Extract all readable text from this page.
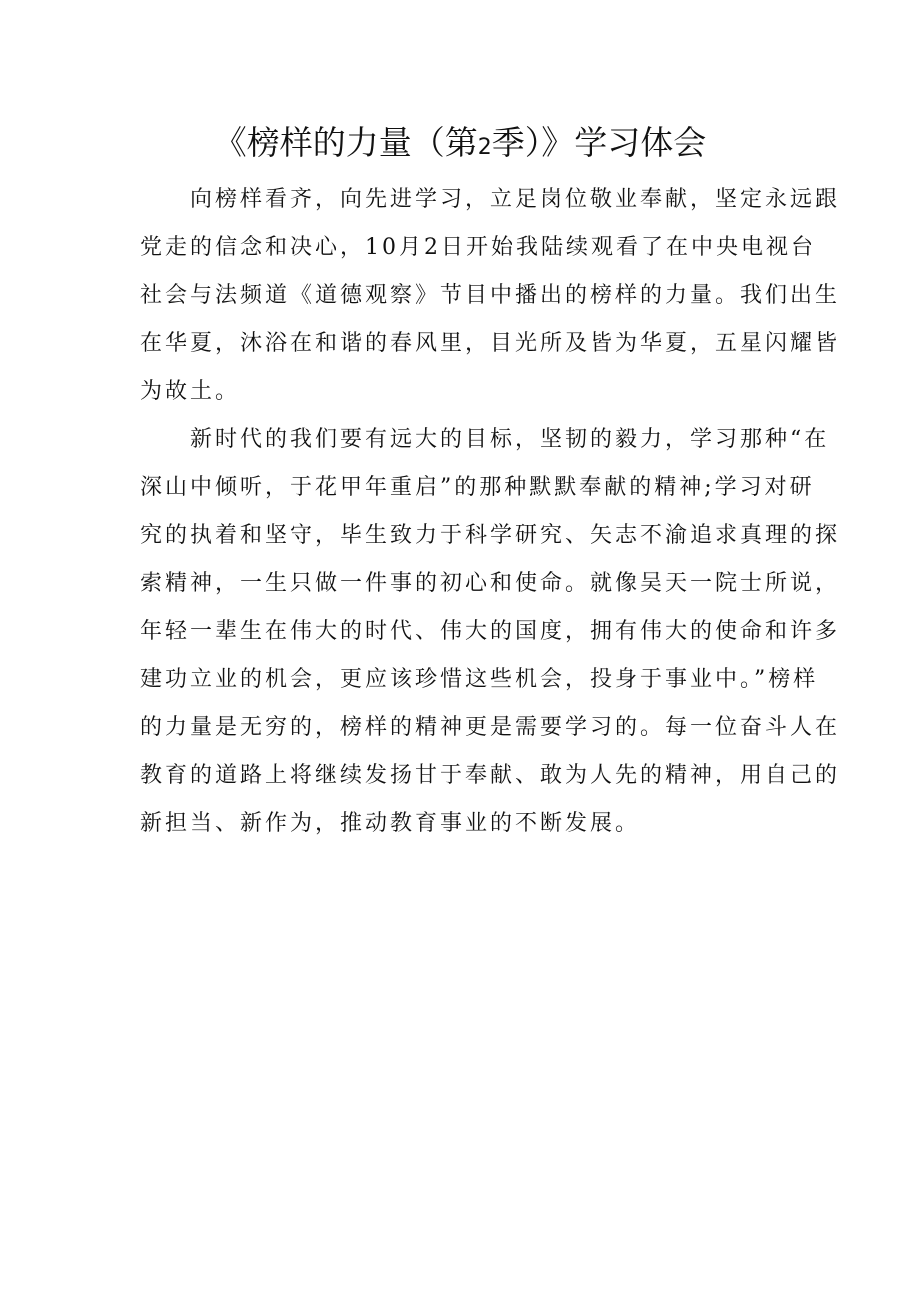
《榜样的力量（第2季）》学习体会
　　向榜样看齐，向先进学习，立足岗位敬业奉献，坚定永远跟
党走的信念和决心，10月2日开始我陆续观看了在中央电视台
社会与法频道《道德观察》节目中播出的榜样的力量。我们出生
在华夏，沐浴在和谐的春风里，目光所及皆为华夏，五星闪耀皆
为故土。
　　新时代的我们要有远大的目标，坚韧的毅力，学习那种“在
深山中倾听，于花甲年重启”的那种默默奉献的精神;学习对研
究的执着和坚守，毕生致力于科学研究、矢志不渝追求真理的探
索精神，一生只做一件事的初心和使命。就像吴天一院士所说，
年轻一辈生在伟大的时代、伟大的国度，拥有伟大的使命和许多
建功立业的机会，更应该珍惜这些机会，投身于事业中。”榜样
的力量是无穷的，榜样的精神更是需要学习的。每一位奋斗人在
教育的道路上将继续发扬甘于奉献、敢为人先的精神，用自己的
新担当、新作为，推动教育事业的不断发展。
